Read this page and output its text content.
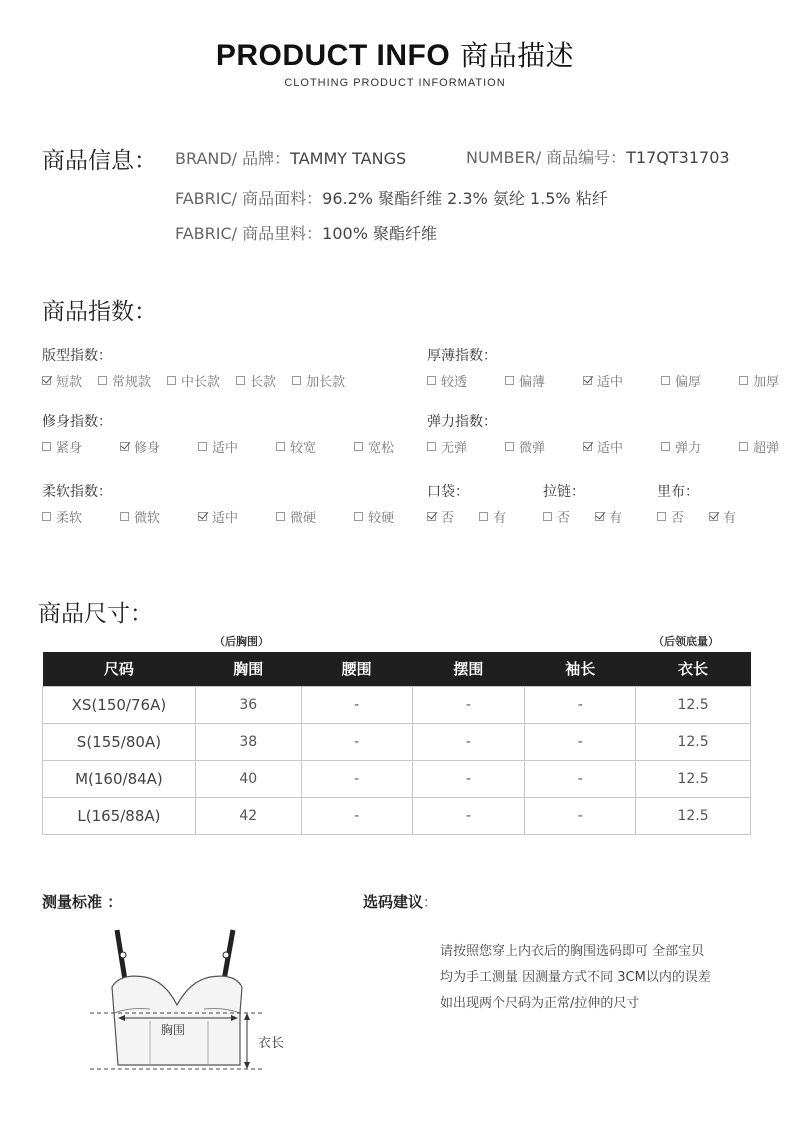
PRODUCT INFO 商品描述
CLOTHING PRODUCT INFORMATION
商品信息： BRAND/ 品牌：TAMMY TANGS	NUMBER/ 商品编号：T17QT31703
FABRIC/ 商品面料：96.2% 聚酯纤维 2.3% 氨纶 1.5% 粘纤
FABRIC/ 商品里料：100% 聚酯纤维
商品指数：
版型指数：
短款 常规款 中长款 长款 加长款
厚薄指数：
较透	偏薄	适中	偏厚	加厚
修身指数：
紧身	修身	适中	较宽	宽松
弹力指数：
无弹	微弹	适中	弹力	超弹
柔软指数：
柔软	微软	适中	微硬	较硬
口袋：
否	有
拉链：
否	有
里布：
否	有
商品尺寸：
（后胸围）	（后领底量）
尺码	胸围	腰围	摆围	袖长	衣长
XS(150/76A)	36	-	-	-	12.5
S(155/80A)	38	-	-	-	12.5
M(160/84A)	40	-	-	-	12.5
L(165/88A)	42	-	-	-	12.5
测量标准 ：
胸围
衣长
选码建议：
请按照您穿上内衣后的胸围选码即可 全部宝贝
均为手工测量 因测量方式不同 3CM以内的误差
如出现两个尺码为正常/拉伸的尺寸
